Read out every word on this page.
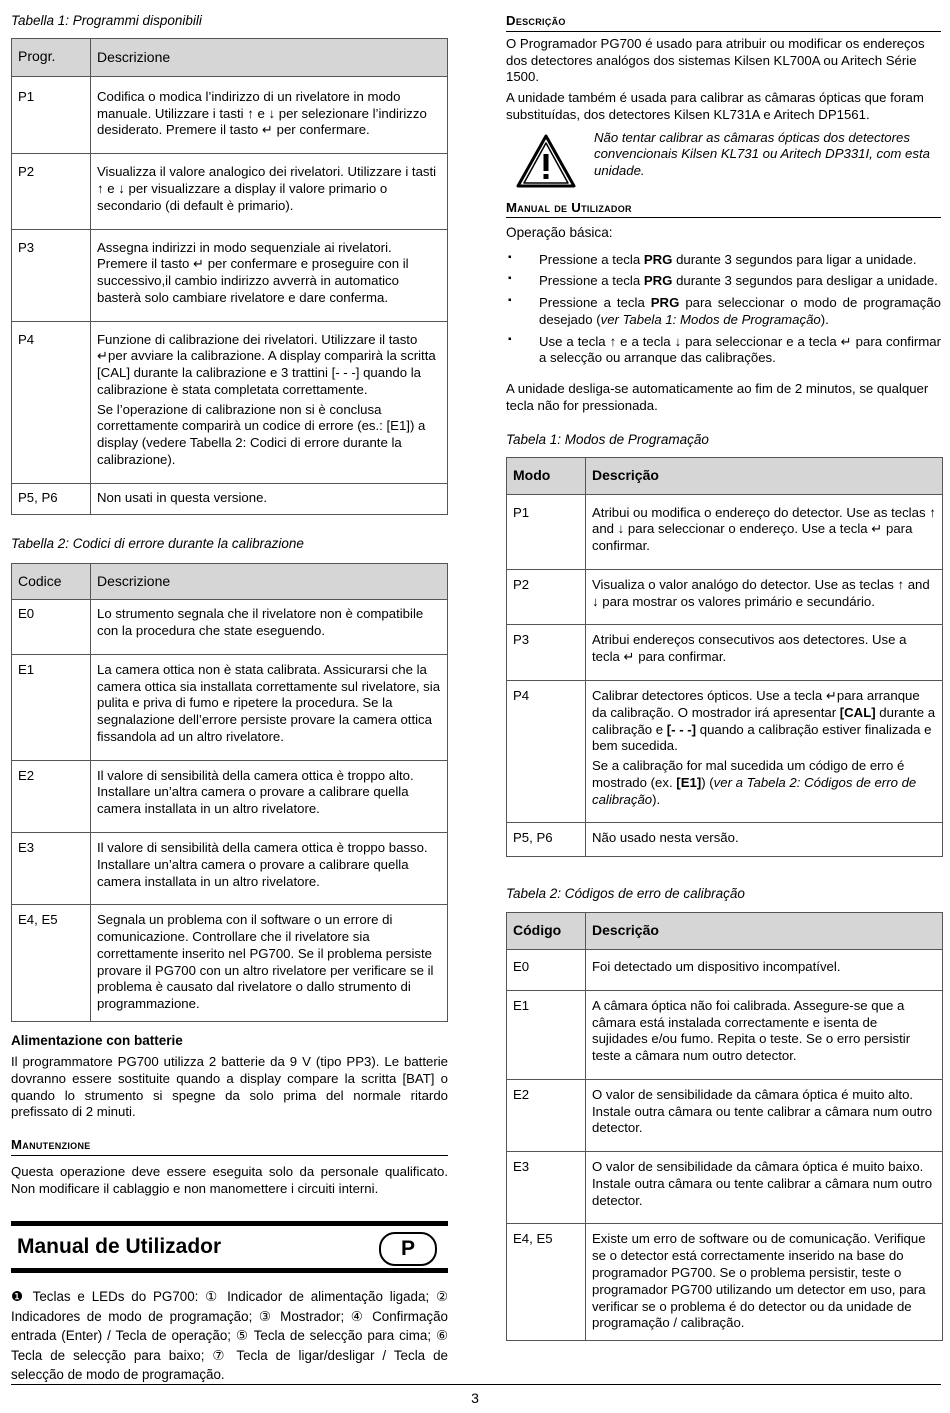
Tabella 1: Programmi disponibili
Progr.	Descrizione
P1	Codifica o modica l’indirizzo di un rivelatore in modo manuale. Utilizzare i tasti ↑ e ↓ per selezionare l’indirizzo desiderato. Premere il tasto ↵ per confermare.
P2	Visualizza il valore analogico dei rivelatori. Utilizzare i tasti ↑ e ↓ per visualizzare a display il valore primario o secondario (di default è primario).
P3	Assegna indirizzi in modo sequenziale ai rivelatori. Premere il tasto ↵ per confermare e proseguire con il successivo,il cambio indirizzo avverrà in automatico basterà solo cambiare rivelatore e dare conferma.
P4	Funzione di calibrazione dei rivelatori. Utilizzare il tasto ↵per avviare la calibrazione. A display comparirà la scritta [CAL] durante la calibrazione e 3 trattini [- - -] quando la calibrazione è stata completata correttamente.

Se l’operazione di calibrazione non si è conclusa correttamente comparirà un codice di errore (es.: [E1]) a display (vedere Tabella 2: Codici di errore durante la calibrazione).

P5, P6	Non usati in questa versione.
Tabella 2: Codici di errore durante la calibrazione
Codice	Descrizione
E0	Lo strumento segnala che il rivelatore non è compatibile con la procedura che state eseguendo.
E1	La camera ottica non è stata calibrata. Assicurarsi che la camera ottica sia installata correttamente sul rivelatore, sia pulita e priva di fumo e ripetere la procedura. Se la segnalazione dell’errore persiste provare la camera ottica fissandola ad un altro rivelatore.
E2	Il valore di sensibilità della camera ottica è troppo alto. Installare un’altra camera o provare a calibrare quella camera installata in un altro rivelatore.
E3	Il valore di sensibilità della camera ottica è troppo basso. Installare un’altra camera o provare a calibrare quella camera installata in un altro rivelatore.
E4, E5	Segnala un problema con il software o un errore di comunicazione. Controllare che il rivelatore sia correttamente inserito nel PG700. Se il problema persiste provare il PG700 con un altro rivelatore per verificare se il problema è causato dal rivelatore o dallo strumento di programmazione.
Alimentazione con batterie

Il programmatore PG700 utilizza 2 batterie da 9 V (tipo PP3). Le batterie dovranno essere sostituite quando a display compare la scritta [BAT] o quando lo strumento si spegne da solo prima del normale ritardo prefissato di 2 minuti.

Manutenzione

Questa operazione deve essere eseguita solo da personale qualificato. Non modificare il cablaggio e non manomettere i circuiti interni.

Manual de Utilizador	P

❶ Teclas e LEDs do PG700: ① Indicador de alimentação ligada; ② Indicadores de modo de programação; ③ Mostrador; ④ Confirmação entrada (Enter) / Tecla de operação; ⑤ Tecla de selecção para cima; ⑥ Tecla de selecção para baixo; ⑦ Tecla de ligar/desligar / Tecla de selecção de modo de programação.

Descrição

O Programador PG700 é usado para atribuir ou modificar os endereços dos detectores analógos dos sistemas Kilsen KL700A ou Aritech Série 1500.

A unidade também é usada para calibrar as câmaras ópticas que foram substituídas, dos detectores Kilsen KL731A e Aritech DP1561.

Não tentar calibrar as câmaras ópticas dos detectores convencionais Kilsen KL731 ou Aritech DP331I, com esta unidade.

Manual de Utilizador

Operação básica:

▪ Pressione a tecla PRG durante 3 segundos para ligar a unidade.
▪ Pressione a tecla PRG durante 3 segundos para desligar a unidade.
▪ Pressione a tecla PRG para seleccionar o modo de programação desejado (ver Tabela 1: Modos de Programação).
▪ Use a tecla ↑ e a tecla ↓ para seleccionar e a tecla ↵ para confirmar a selecção ou arranque das calibrações.

A unidade desliga-se automaticamente ao fim de 2 minutos, se qualquer tecla não for pressionada.

Tabela 1: Modos de Programação
Modo	Descrição
P1	Atribui ou modifica o endereço do detector. Use as teclas ↑ and ↓ para seleccionar o endereço. Use a tecla ↵ para confirmar.
P2	Visualiza o valor analógo do detector. Use as teclas ↑ and ↓ para mostrar os valores primário e secundário.
P3	Atribui endereços consecutivos aos detectores. Use a tecla ↵ para confirmar.
P4	Calibrar detectores ópticos. Use a tecla ↵para arranque da calibração. O mostrador irá apresentar [CAL] durante a calibração e [- - -] quando a calibração estiver finalizada e bem sucedida.

Se a calibração for mal sucedida um código de erro é mostrado (ex. [E1]) (ver a Tabela 2: Códigos de erro de calibração).

P5, P6	Não usado nesta versão.
Tabela 2: Códigos de erro de calibração
Código	Descrição
E0	Foi detectado um dispositivo incompatível.
E1	A câmara óptica não foi calibrada. Assegure-se que a câmara está instalada correctamente e isenta de sujidades e/ou fumo. Repita o teste. Se o erro persistir teste a câmara num outro detector.
E2	O valor de sensibilidade da câmara óptica é muito alto. Instale outra câmara ou tente calibrar a câmara num outro detector.
E3	O valor de sensibilidade da câmara óptica é muito baixo. Instale outra câmara ou tente calibrar a câmara num outro detector.
E4, E5	Existe um erro de software ou de comunicação. Verifique se o detector está correctamente inserido na base do programador PG700. Se o problema persistir, teste o programador PG700 utilizando um detector em uso, para verificar se o problema é do detector ou da unidade de programação / calibração.
3
